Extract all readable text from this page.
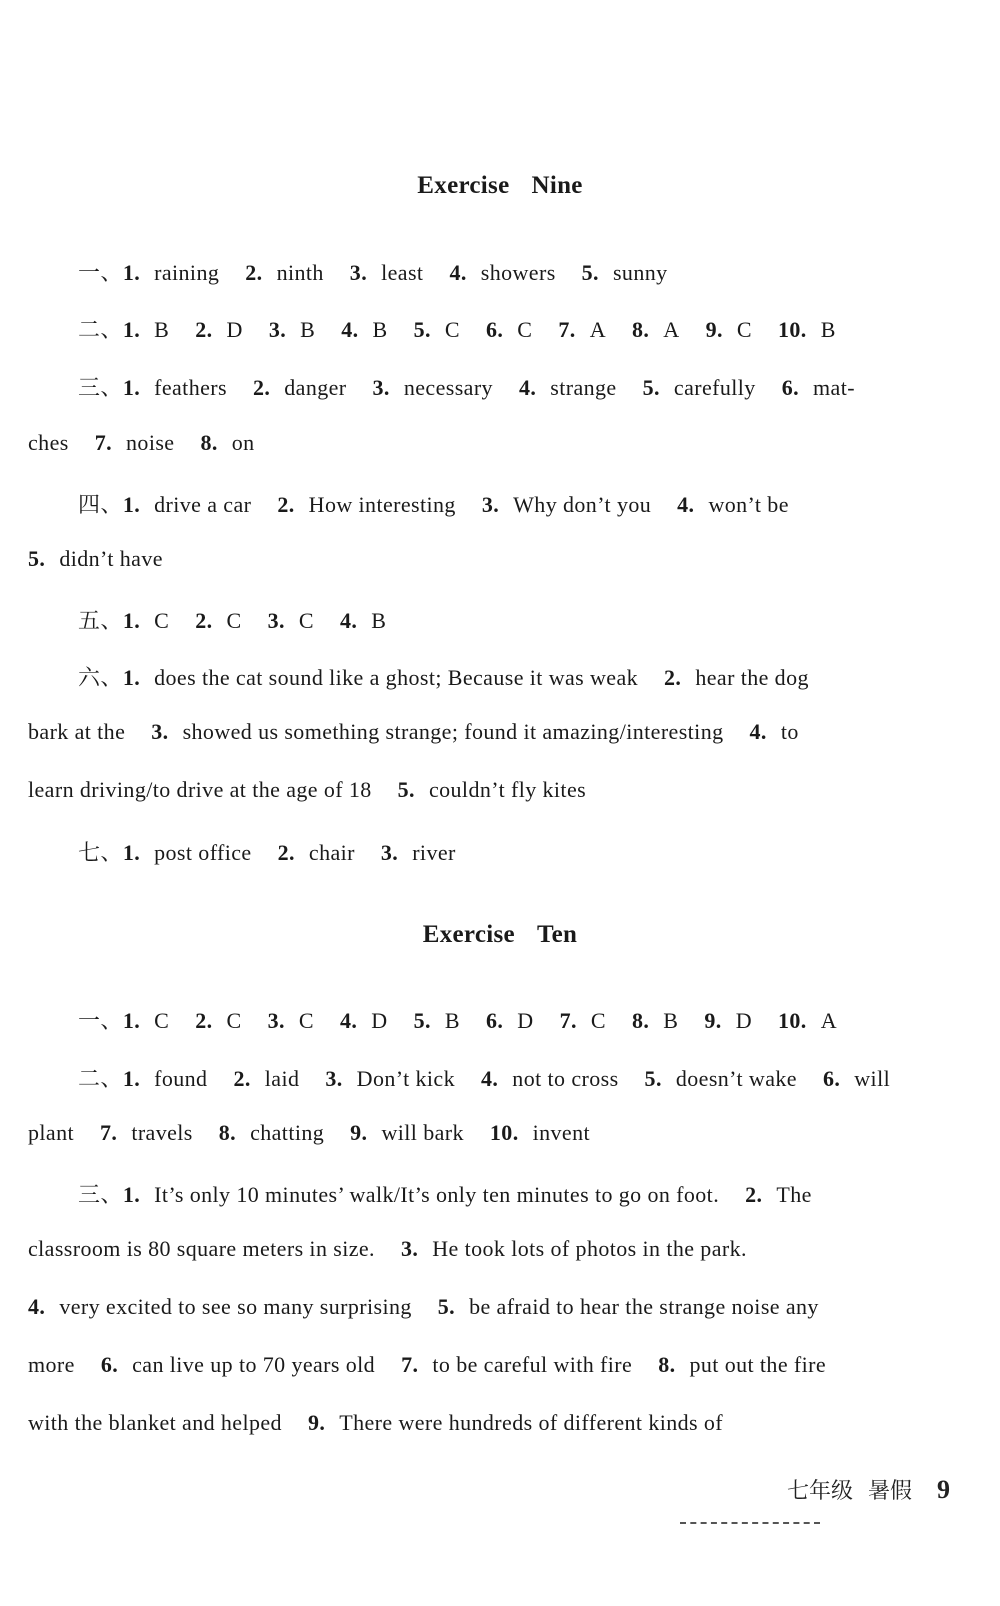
Exercise Nine
一、1. raining 2. ninth 3. least 4. showers 5. sunny
二、1. B 2. D 3. B 4. B 5. C 6. C 7. A 8. A 9. C 10. B
三、1. feathers 2. danger 3. necessary 4. strange 5. carefully 6. mat-
ches 7. noise 8. on
四、1. drive a car 2. How interesting 3. Why don’t you 4. won’t be
5. didn’t have
五、1. C 2. C 3. C 4. B
六、1. does the cat sound like a ghost; Because it was weak 2. hear the dog
bark at the 3. showed us something strange; found it amazing/interesting 4. to
learn driving/to drive at the age of 18 5. couldn’t fly kites
七、1. post office 2. chair 3. river
Exercise Ten
一、1. C 2. C 3. C 4. D 5. B 6. D 7. C 8. B 9. D 10. A
二、1. found 2. laid 3. Don’t kick 4. not to cross 5. doesn’t wake 6. will
plant 7. travels 8. chatting 9. will bark 10. invent
三、1. It’s only 10 minutes’ walk/It’s only ten minutes to go on foot. 2. The
classroom is 80 square meters in size. 3. He took lots of photos in the park.
4. very excited to see so many surprising 5. be afraid to hear the strange noise any
more 6. can live up to 70 years old 7. to be careful with fire 8. put out the fire
with the blanket and helped 9. There were hundreds of different kinds of
七年级 暑假 9
